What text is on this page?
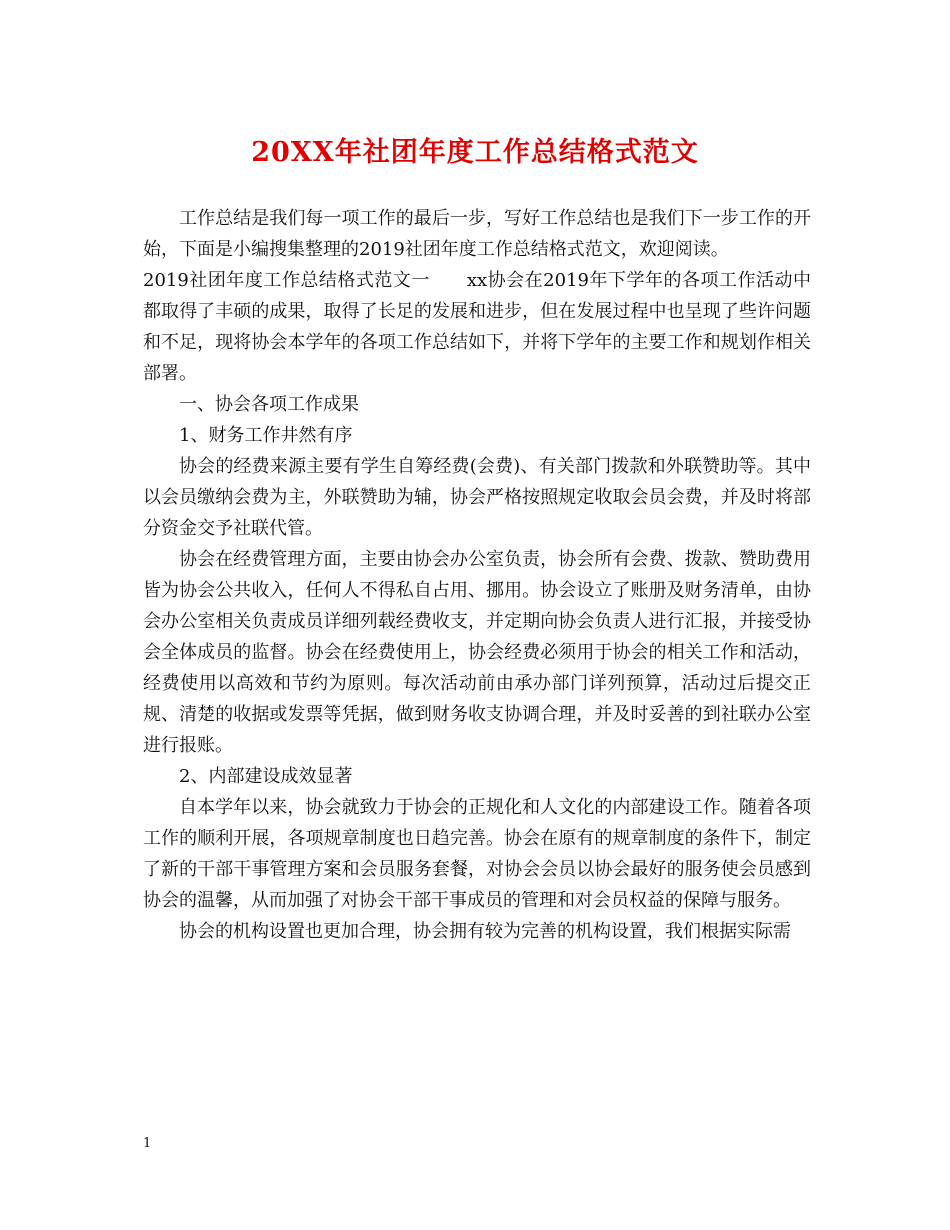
20XX年社团年度工作总结格式范文

工作总结是我们每一项工作的最后一步，写好工作总结也是我们下一步工作的开始，下面是小编搜集整理的2019社团年度工作总结格式范文，欢迎阅读。

2019社团年度工作总结格式范文一　　xx协会在2019年下学年的各项工作活动中都取得了丰硕的成果，取得了长足的发展和进步，但在发展过程中也呈现了些许问题和不足，现将协会本学年的各项工作总结如下，并将下学年的主要工作和规划作相关部署。

一、协会各项工作成果

1、财务工作井然有序

协会的经费来源主要有学生自筹经费(会费)、有关部门拨款和外联赞助等。其中以会员缴纳会费为主，外联赞助为辅，协会严格按照规定收取会员会费，并及时将部分资金交予社联代管。

协会在经费管理方面，主要由协会办公室负责，协会所有会费、拨款、赞助费用皆为协会公共收入，任何人不得私自占用、挪用。协会设立了账册及财务清单，由协会办公室相关负责成员详细列载经费收支，并定期向协会负责人进行汇报，并接受协会全体成员的监督。协会在经费使用上，协会经费必须用于协会的相关工作和活动，经费使用以高效和节约为原则。每次活动前由承办部门详列预算，活动过后提交正规、清楚的收据或发票等凭据，做到财务收支协调合理，并及时妥善的到社联办公室进行报账。

2、内部建设成效显著

自本学年以来，协会就致力于协会的正规化和人文化的内部建设工作。随着各项工作的顺利开展，各项规章制度也日趋完善。协会在原有的规章制度的条件下，制定了新的干部干事管理方案和会员服务套餐，对协会会员以协会最好的服务使会员感到协会的温馨，从而加强了对协会干部干事成员的管理和对会员权益的保障与服务。

协会的机构设置也更加合理，协会拥有较为完善的机构设置，我们根据实际需

1
